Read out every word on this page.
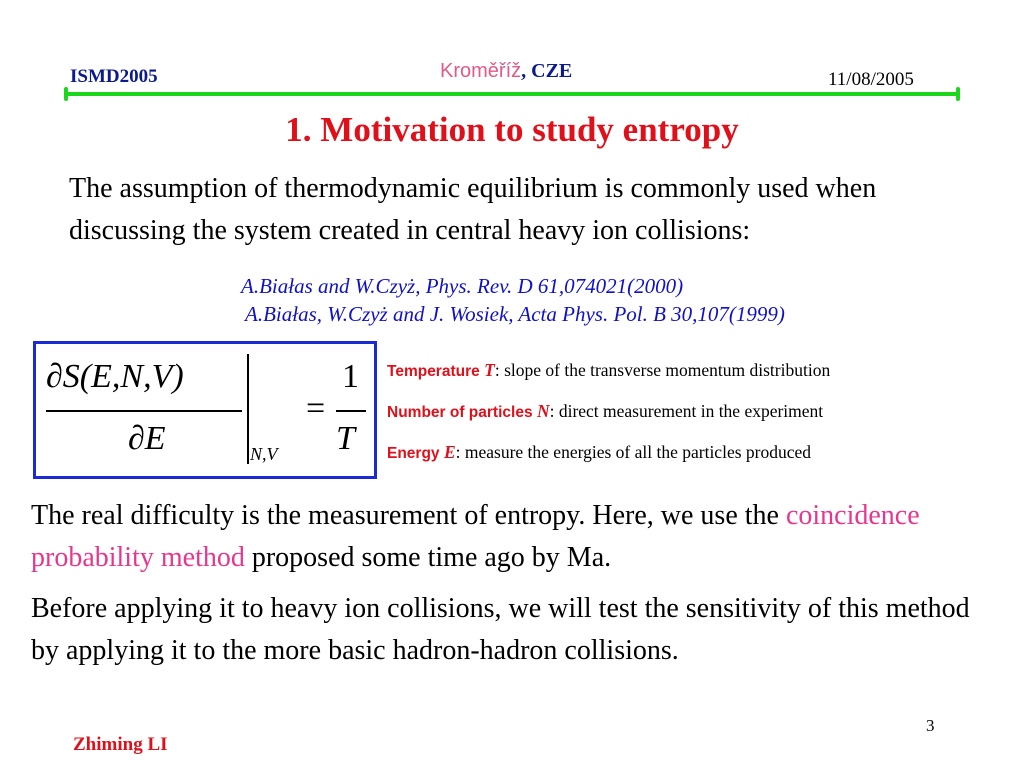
ISMD2005	Kroměříž, CZE	11/08/2005
1. Motivation to study entropy
The assumption of thermodynamic equilibrium is commonly used when discussing the system created in central heavy ion collisions:
A.Białas and W.Czyż, Phys. Rev. D 61,074021(2000)
A.Białas, W.Czyż and J. Wosiek, Acta Phys. Pol. B 30,107(1999)
∂S(E,N,V)
∂E	N,V
=
1
T
Temperature T: slope of the transverse momentum distribution
Number of particles N: direct measurement in the experiment
Energy E: measure the energies of all the particles produced
The real difficulty is the measurement of entropy. Here, we use the coincidence probability method proposed some time ago by Ma.
Before applying it to heavy ion collisions, we will test the sensitivity of this method by applying it to the more basic hadron-hadron collisions.
3
Zhiming LI
